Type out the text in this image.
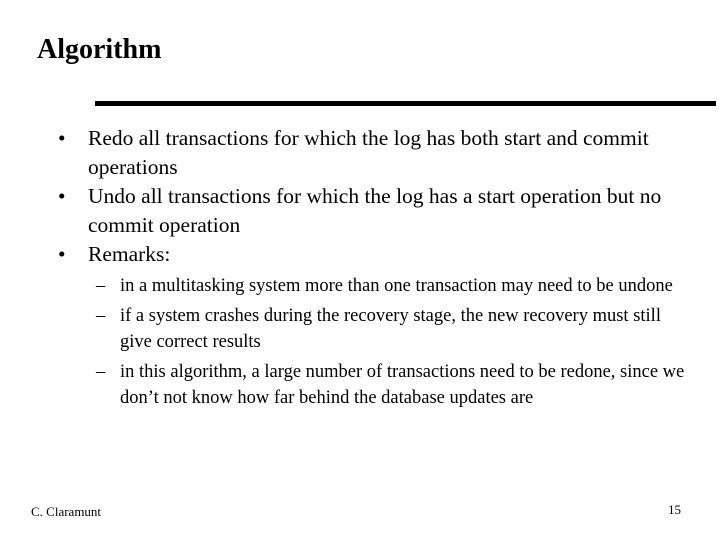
Algorithm
• Redo all transactions for which the log has both start and commit operations
• Undo all transactions for which the log has a start operation but no commit operation
• Remarks:
– in a multitasking system more than one transaction may need to be undone
– if a system crashes during the recovery stage, the new recovery must still give correct results
– in this algorithm, a large number of transactions need to be redone, since we don’t not know how far behind the database updates are
C. Claramunt	15
